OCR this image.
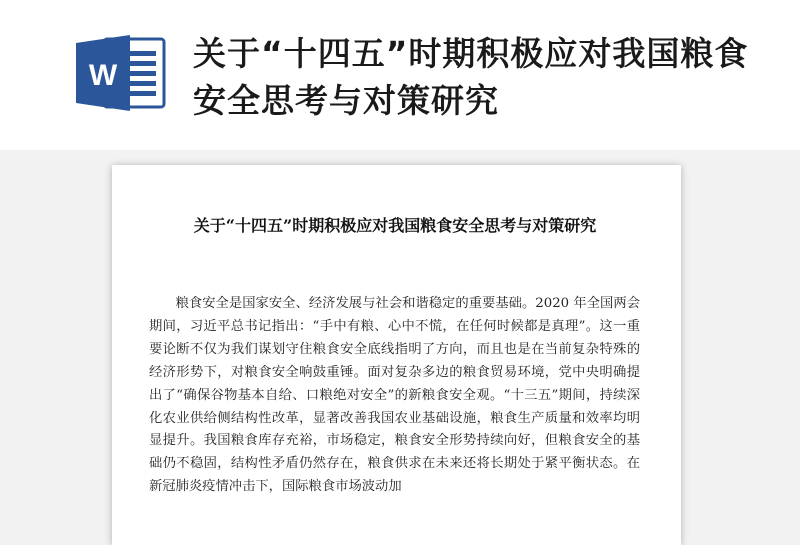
W
关于“十四五”时期积极应对我国粮食安全思考与对策研究
关于“十四五”时期积极应对我国粮食安全思考与对策研究

粮食安全是国家安全、经济发展与社会和谐稳定的重要基础。2020 年全国两会期间，习近平总书记指出：“手中有粮、心中不慌，在任何时候都是真理”。这一重要论断不仅为我们谋划守住粮食安全底线指明了方向，而且也是在当前复杂特殊的经济形势下，对粮食安全响鼓重锤。面对复杂多边的粮食贸易环境，党中央明确提出了“确保谷物基本自给、口粮绝对安全”的新粮食安全观。“十三五”期间，持续深化农业供给侧结构性改革，显著改善我国农业基础设施，粮食生产质量和效率均明显提升。我国粮食库存充裕，市场稳定，粮食安全形势持续向好，但粮食安全的基础仍不稳固，结构性矛盾仍然存在，粮食供求在未来还将长期处于紧平衡状态。在新冠肺炎疫情冲击下，国际粮食市场波动加
